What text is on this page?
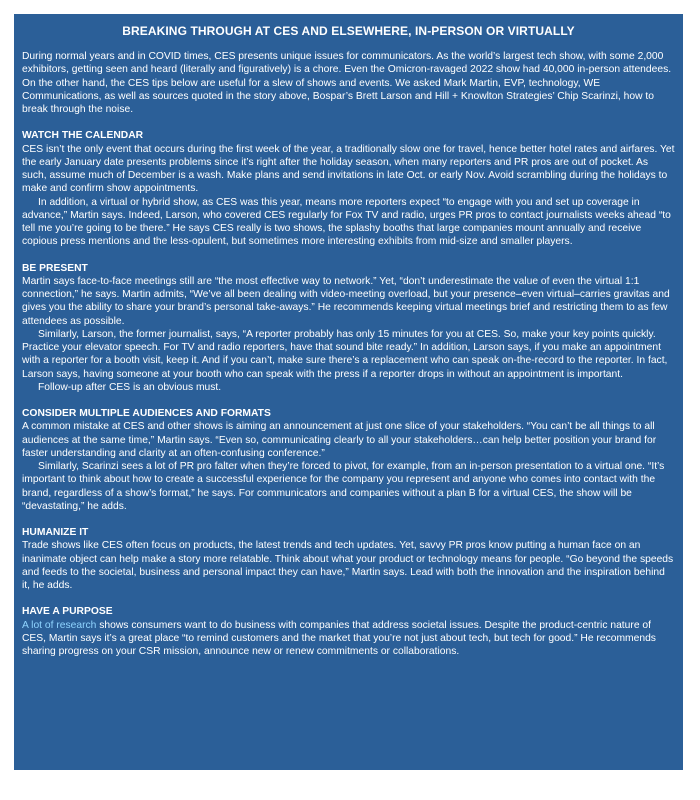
BREAKING THROUGH AT CES AND ELSEWHERE, IN-PERSON OR VIRTUALLY

During normal years and in COVID times, CES presents unique issues for communicators. As the world’s largest tech show, with some 2,000 exhibitors, getting seen and heard (literally and figuratively) is a chore. Even the Omicron-ravaged 2022 show had 40,000 in-person attendees. On the other hand, the CES tips below are useful for a slew of shows and events. We asked Mark Martin, EVP, technology, WE Communications, as well as sources quoted in the story above, Bospar’s Brett Larson and Hill + Knowlton Strategies’ Chip Scarinzi, how to break through the noise.

WATCH THE CALENDAR

CES isn’t the only event that occurs during the first week of the year, a traditionally slow one for travel, hence better hotel rates and airfares. Yet the early January date presents problems since it’s right after the holiday season, when many reporters and PR pros are out of pocket. As such, assume much of December is a wash. Make plans and send invitations in late Oct. or early Nov. Avoid scrambling during the holidays to make and confirm show appointments.

In addition, a virtual or hybrid show, as CES was this year, means more reporters expect “to engage with you and set up coverage in advance,” Martin says. Indeed, Larson, who covered CES regularly for Fox TV and radio, urges PR pros to contact journalists weeks ahead “to tell me you’re going to be there.” He says CES really is two shows, the splashy booths that large companies mount annually and receive copious press mentions and the less-opulent, but sometimes more interesting exhibits from mid-size and smaller players.

BE PRESENT

Martin says face-to-face meetings still are “the most effective way to network.” Yet, “don’t underestimate the value of even the virtual 1:1 connection,” he says. Martin admits, “We’ve all been dealing with video-meeting overload, but your presence–even virtual–carries gravitas and gives you the ability to share your brand’s personal take-aways.” He recommends keeping virtual meetings brief and restricting them to as few attendees as possible.

Similarly, Larson, the former journalist, says, “A reporter probably has only 15 minutes for you at CES. So, make your key points quickly. Practice your elevator speech. For TV and radio reporters, have that sound bite ready.” In addition, Larson says, if you make an appointment with a reporter for a booth visit, keep it. And if you can’t, make sure there’s a replacement who can speak on-the-record to the reporter. In fact, Larson says, having someone at your booth who can speak with the press if a reporter drops in without an appointment is important.

Follow-up after CES is an obvious must.

CONSIDER MULTIPLE AUDIENCES AND FORMATS

A common mistake at CES and other shows is aiming an announcement at just one slice of your stakeholders. “You can’t be all things to all audiences at the same time,” Martin says. “Even so, communicating clearly to all your stakeholders…can help better position your brand for faster understanding and clarity at an often-confusing conference.”

Similarly, Scarinzi sees a lot of PR pro falter when they’re forced to pivot, for example, from an in-person presentation to a virtual one. “It’s important to think about how to create a successful experience for the company you represent and anyone who comes into contact with the brand, regardless of a show’s format,” he says. For communicators and companies without a plan B for a virtual CES, the show will be “devastating,” he adds.

HUMANIZE IT

Trade shows like CES often focus on products, the latest trends and tech updates. Yet, savvy PR pros know putting a human face on an inanimate object can help make a story more relatable. Think about what your product or technology means for people. “Go beyond the speeds and feeds to the societal, business and personal impact they can have,” Martin says. Lead with both the innovation and the inspiration behind it, he adds.

HAVE A PURPOSE

A lot of research shows consumers want to do business with companies that address societal issues. Despite the product-centric nature of CES, Martin says it’s a great place “to remind customers and the market that you’re not just about tech, but tech for good.” He recommends sharing progress on your CSR mission, announce new or renew commitments or collaborations.
